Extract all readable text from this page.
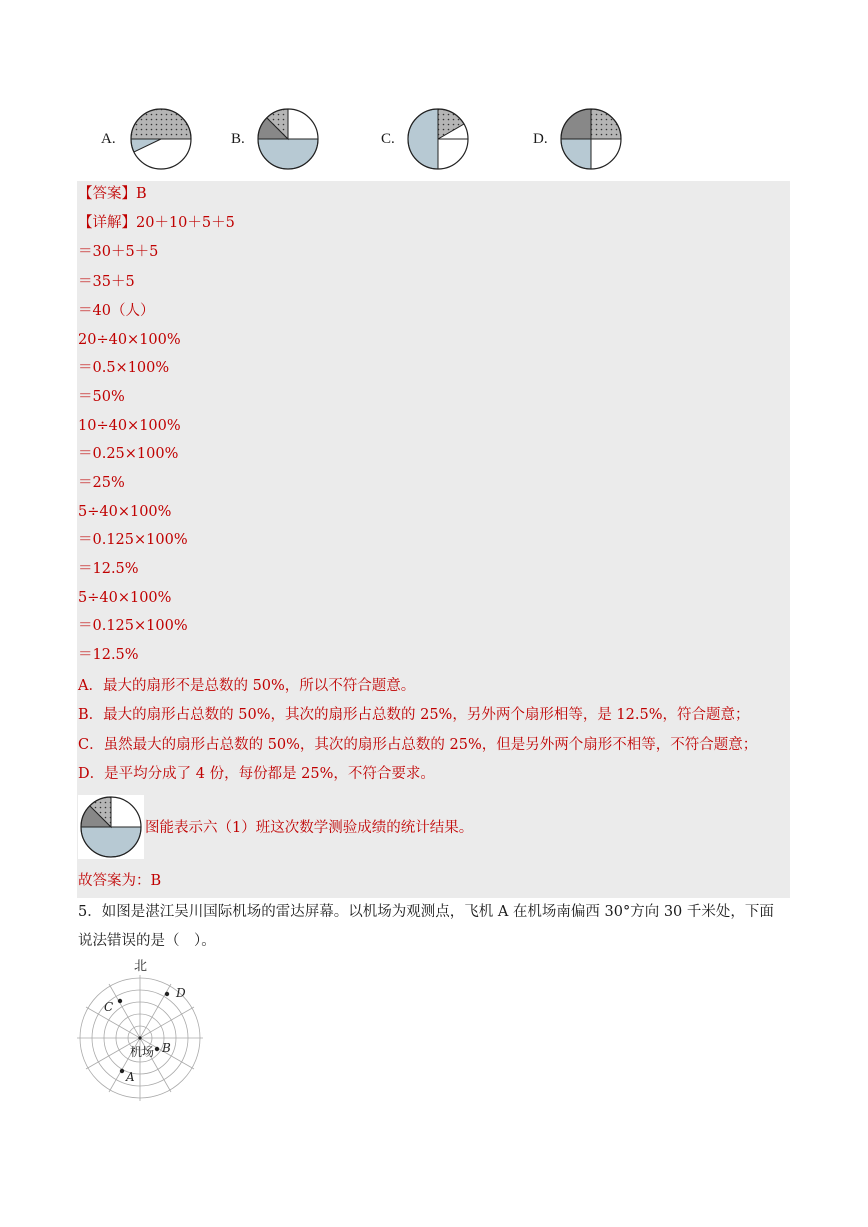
A.	B.	C.	D.
【答案】B
【详解】20＋10＋5＋5
＝30＋5＋5
＝35＋5
＝40（人）
20÷40×100%
＝0.5×100%
＝50%
10÷40×100%
＝0.25×100%
＝25%
5÷40×100%
＝0.125×100%
＝12.5%
5÷40×100%
＝0.125×100%
＝12.5%
A．最大的扇形不是总数的 50%，所以不符合题意。
B．最大的扇形占总数的 50%，其次的扇形占总数的 25%，另外两个扇形相等，是 12.5%，符合题意；
C．虽然最大的扇形占总数的 50%，其次的扇形占总数的 25%，但是另外两个扇形不相等，不符合题意；
D．是平均分成了 4 份，每份都是 25%，不符合要求。
图能表示六（1）班这次数学测验成绩的统计结果。
故答案为：B
5．如图是湛江吴川国际机场的雷达屏幕。以机场为观测点，飞机 A 在机场南偏西 30°方向 30 千米处，下面
说法错误的是（　）。
北
机场
C
D
B
A
